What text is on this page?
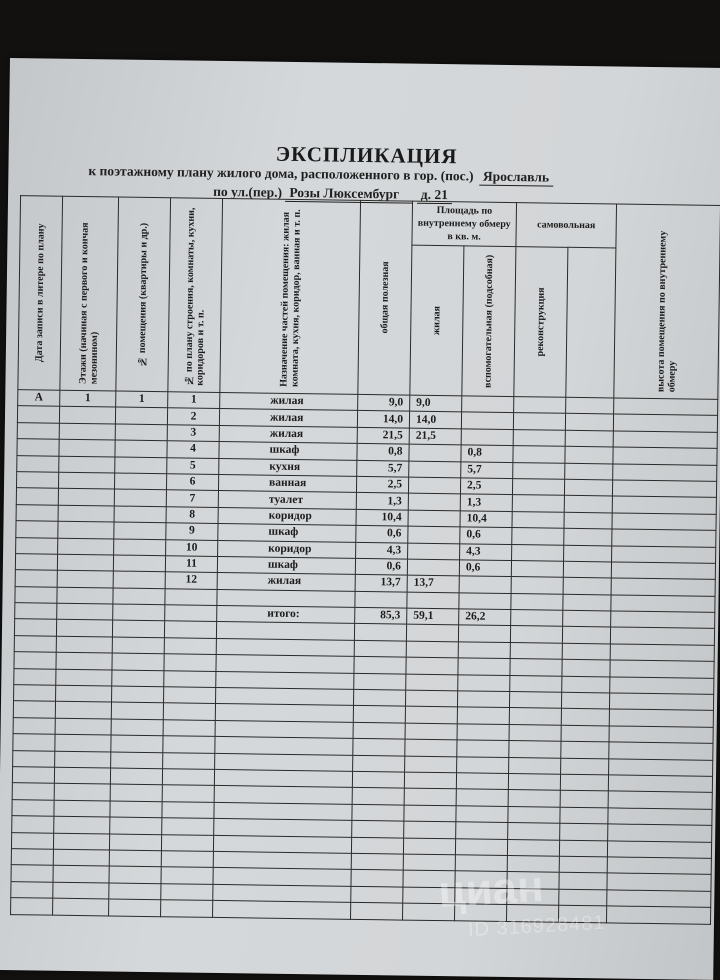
ЭКСПЛИКАЦИЯ
к поэтажному плану жилого дома, расположенного в гор. (пос.) Ярославль
по ул.(пер.) Розы Люксембург д. 21
Дата записи в литере по плану	Этажи (начиная с первого и кончая мезонином)	№ помещения (квартиры и др.)	№ по плану строения, комнаты, кухни, коридоров и т. п.	Назначение частей помещения: жилая комната, кухня, коридор, ванная и т. п.	общая полезная	Площадь по внутреннему обмеру в кв. м.		самовольная		высота помещения по внутреннему обмеру

						жилая	вспомогательная (подсобная)	реконструкция		

А	1	1	1	жилая	9,0	9,0				
			2	жилая	14,0	14,0				
			3	жилая	21,5	21,5				
			4	шкаф	0,8		0,8			
			5	кухня	5,7		5,7			
			6	ванная	2,5		2,5			
			7	туалет	1,3		1,3			
			8	коридор	10,4		10,4			
			9	шкаф	0,6		0,6			
			10	коридор	4,3		4,3			
			11	шкаф	0,6		0,6			
			12	жилая	13,7	13,7				

				итого:	85,3	59,1	26,2			

циан
ID 316928481
